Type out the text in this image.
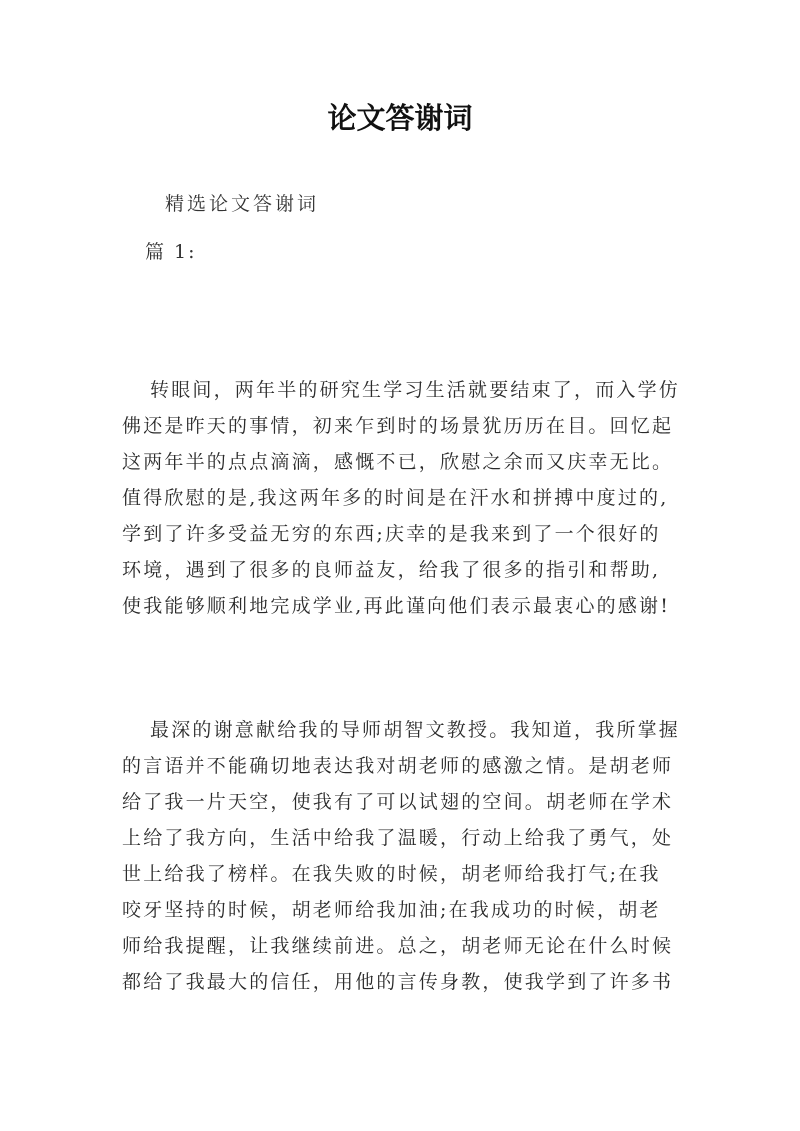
论文答谢词
精选论文答谢词
篇 1:
转眼间，两年半的研究生学习生活就要结束了，而入学仿
佛还是昨天的事情，初来乍到时的场景犹历历在目。回忆起
这两年半的点点滴滴，感慨不已，欣慰之余而又庆幸无比。
值得欣慰的是,我这两年多的时间是在汗水和拼搏中度过的,
学到了许多受益无穷的东西;庆幸的是我来到了一个很好的
环境，遇到了很多的良师益友，给我了很多的指引和帮助,
使我能够顺利地完成学业,再此谨向他们表示最衷心的感谢!
最深的谢意献给我的导师胡智文教授。我知道，我所掌握
的言语并不能确切地表达我对胡老师的感激之情。是胡老师
给了我一片天空，使我有了可以试翅的空间。胡老师在学术
上给了我方向，生活中给我了温暖，行动上给我了勇气，处
世上给我了榜样。在我失败的时候，胡老师给我打气;在我
咬牙坚持的时候，胡老师给我加油;在我成功的时候，胡老
师给我提醒，让我继续前进。总之，胡老师无论在什么时候
都给了我最大的信任，用他的言传身教，使我学到了许多书
